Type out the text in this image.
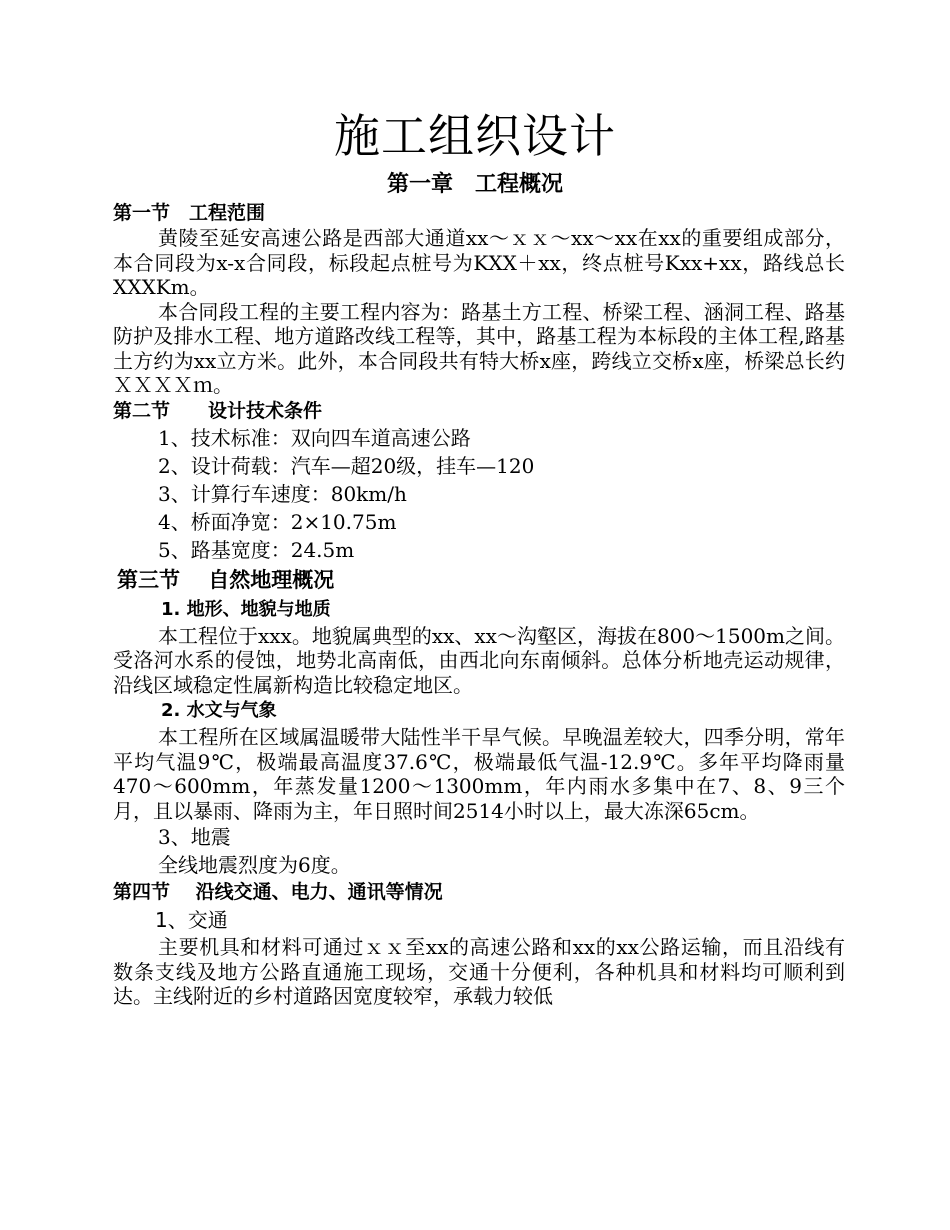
施工组织设计
第一章　工程概况

第一节　工程范围

黄陵至延安高速公路是西部大通道xx～ｘｘ～xx～xx在xx的重要组成部分，本合同段为x-x合同段，标段起点桩号为KXX＋xx，终点桩号Kxx+xx，路线总长XXXKm。

本合同段工程的主要工程内容为：路基土方工程、桥梁工程、涵洞工程、路基防护及排水工程、地方道路改线工程等，其中，路基工程为本标段的主体工程,路基土方约为xx立方米。此外，本合同段共有特大桥x座，跨线立交桥x座，桥梁总长约ＸＸＸＸｍ。

第二节　　设计技术条件

1、技术标准：双向四车道高速公路

2、设计荷载：汽车—超20级，挂车—120

3、计算行车速度：80km/h

4、桥面净宽：2×10.75m

5、路基宽度：24.5m

第三节　 自然地理概况

1. 地形、地貌与地质

本工程位于xxx。地貌属典型的xx、xx～沟壑区，海拔在800～1500m之间。受洛河水系的侵蚀，地势北高南低，由西北向东南倾斜。总体分析地壳运动规律，沿线区域稳定性属新构造比较稳定地区。

2. 水文与气象

本工程所在区域属温暖带大陆性半干旱气候。早晚温差较大，四季分明，常年平均气温9℃，极端最高温度37.6℃，极端最低气温-12.9℃。多年平均降雨量470～600mm，年蒸发量1200～1300mm，年内雨水多集中在7、8、9三个月，且以暴雨、降雨为主，年日照时间2514小时以上，最大冻深65cm。

3、地震

全线地震烈度为6度。

第四节　 沿线交通、电力、通讯等情况

1、交通

主要机具和材料可通过ｘｘ至xx的高速公路和xx的xx公路运输，而且沿线有数条支线及地方公路直通施工现场，交通十分便利，各种机具和材料均可顺利到达。主线附近的乡村道路因宽度较窄，承载力较低
